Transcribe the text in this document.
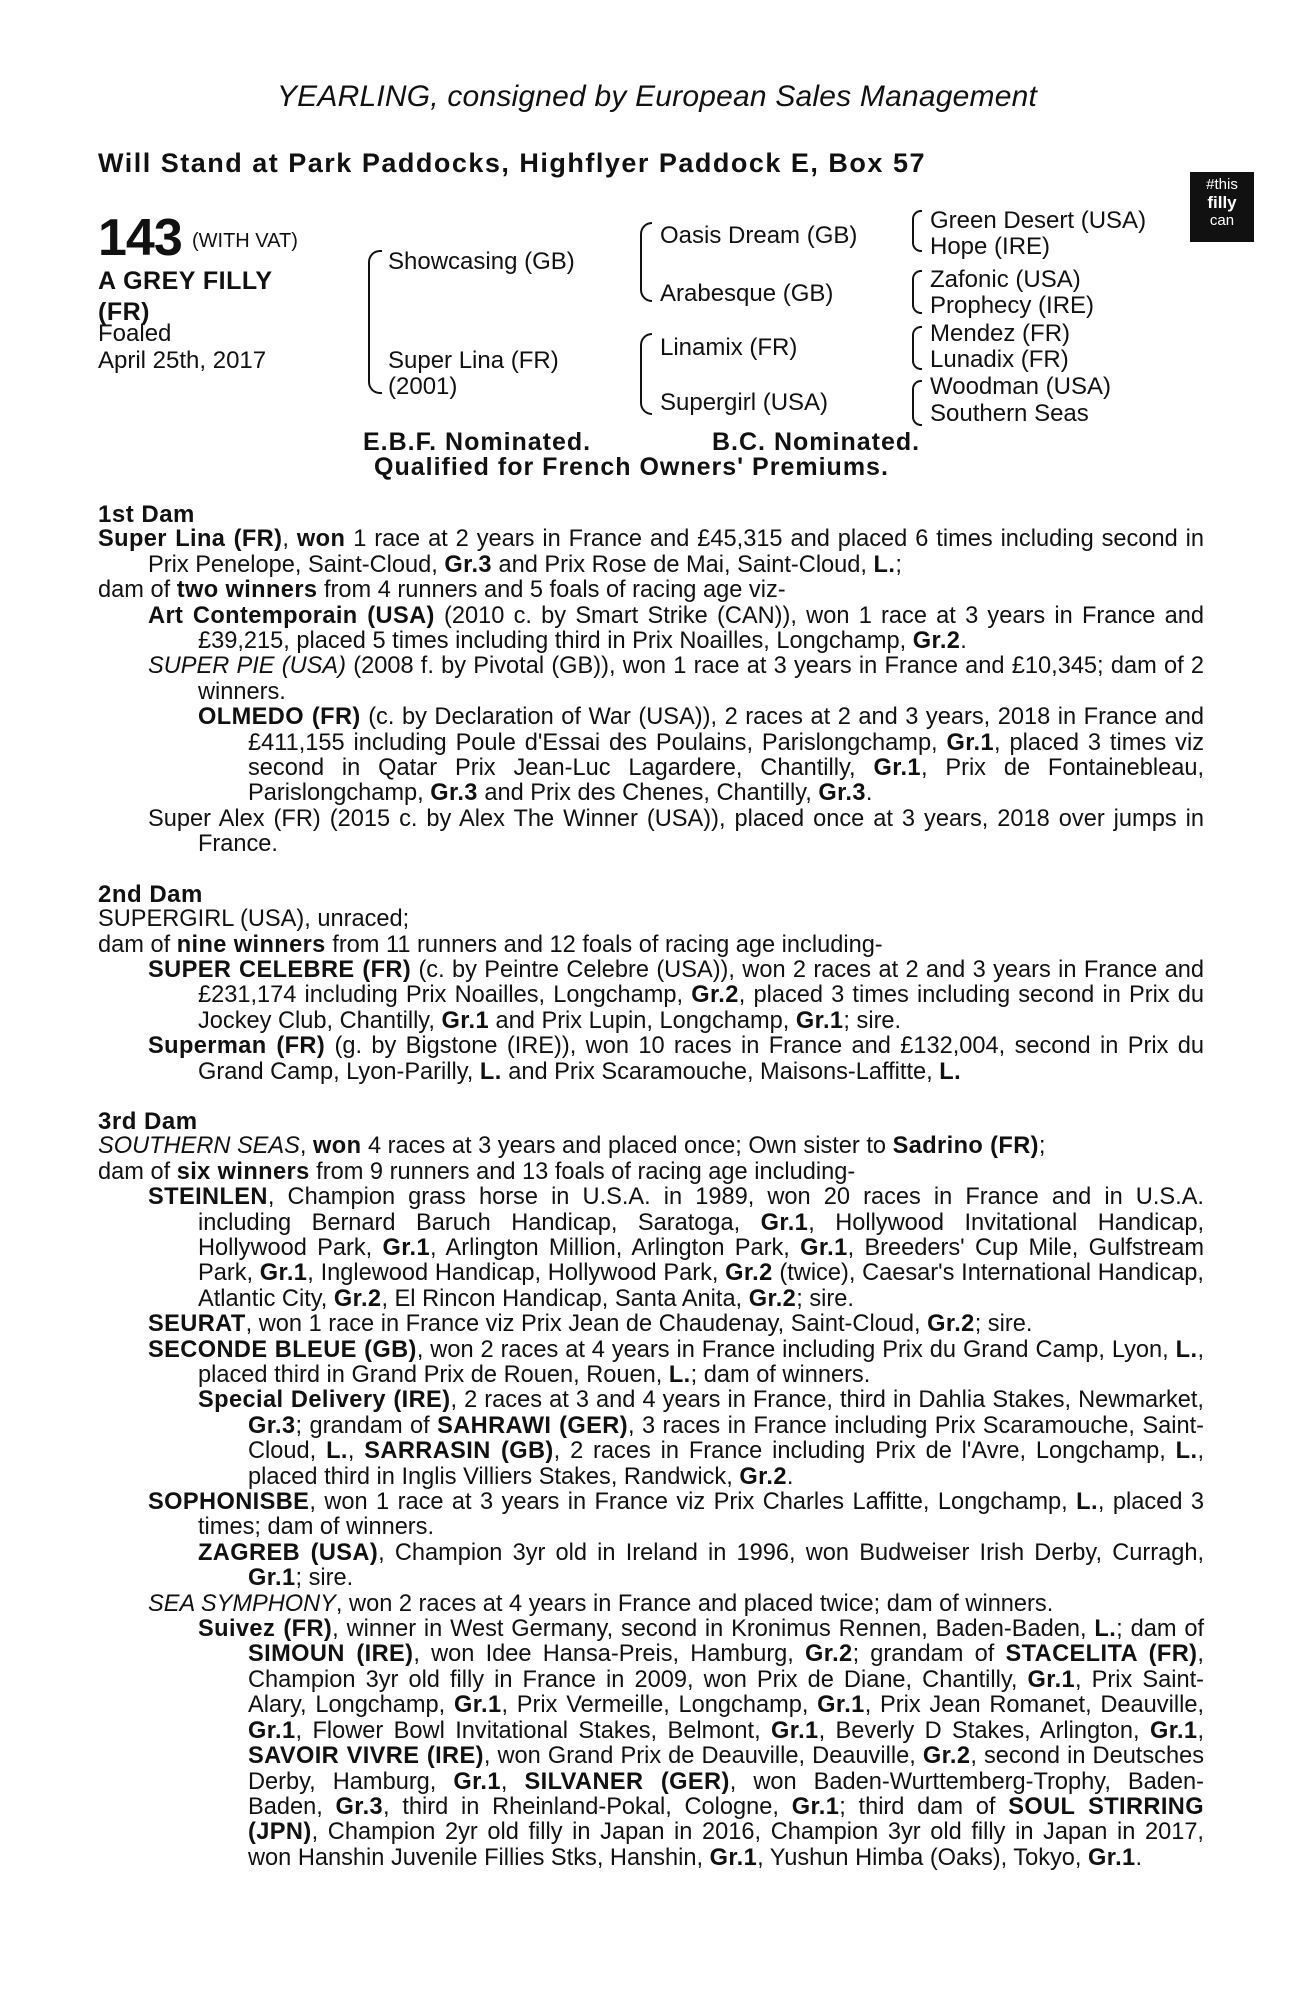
YEARLING, consigned by European Sales Management
Will Stand at Park Paddocks, Highflyer Paddock E, Box 57
#this
filly
can
143 (WITH VAT)
A GREY FILLY
(FR)
Foaled
April 25th, 2017
Showcasing (GB)
Super Lina (FR)
(2001)
Oasis Dream (GB)
Arabesque (GB)
Linamix (FR)
Supergirl (USA)
Green Desert (USA)
Hope (IRE)
Zafonic (USA)
Prophecy (IRE)
Mendez (FR)
Lunadix (FR)
Woodman (USA)
Southern Seas
E.B.F. Nominated.	B.C. Nominated.
Qualified for French Owners' Premiums.
1st Dam
Super Lina (FR), won 1 race at 2 years in France and £45,315 and placed 6 times including second in Prix Penelope, Saint-Cloud, Gr.3 and Prix Rose de Mai, Saint-Cloud, L.;
dam of two winners from 4 runners and 5 foals of racing age viz-
Art Contemporain (USA) (2010 c. by Smart Strike (CAN)), won 1 race at 3 years in France and £39,215, placed 5 times including third in Prix Noailles, Longchamp, Gr.2.
SUPER PIE (USA) (2008 f. by Pivotal (GB)), won 1 race at 3 years in France and £10,345; dam of 2 winners.
OLMEDO (FR) (c. by Declaration of War (USA)), 2 races at 2 and 3 years, 2018 in France and £411,155 including Poule d'Essai des Poulains, Parislongchamp, Gr.1, placed 3 times viz second in Qatar Prix Jean-Luc Lagardere, Chantilly, Gr.1, Prix de Fontainebleau, Parislongchamp, Gr.3 and Prix des Chenes, Chantilly, Gr.3.
Super Alex (FR) (2015 c. by Alex The Winner (USA)), placed once at 3 years, 2018 over jumps in France.
2nd Dam
SUPERGIRL (USA), unraced;
dam of nine winners from 11 runners and 12 foals of racing age including-
SUPER CELEBRE (FR) (c. by Peintre Celebre (USA)), won 2 races at 2 and 3 years in France and £231,174 including Prix Noailles, Longchamp, Gr.2, placed 3 times including second in Prix du Jockey Club, Chantilly, Gr.1 and Prix Lupin, Longchamp, Gr.1; sire.
Superman (FR) (g. by Bigstone (IRE)), won 10 races in France and £132,004, second in Prix du Grand Camp, Lyon-Parilly, L. and Prix Scaramouche, Maisons-Laffitte, L.
3rd Dam
SOUTHERN SEAS, won 4 races at 3 years and placed once; Own sister to Sadrino (FR);
dam of six winners from 9 runners and 13 foals of racing age including-
STEINLEN, Champion grass horse in U.S.A. in 1989, won 20 races in France and in U.S.A. including Bernard Baruch Handicap, Saratoga, Gr.1, Hollywood Invitational Handicap, Hollywood Park, Gr.1, Arlington Million, Arlington Park, Gr.1, Breeders' Cup Mile, Gulfstream Park, Gr.1, Inglewood Handicap, Hollywood Park, Gr.2 (twice), Caesar's International Handicap, Atlantic City, Gr.2, El Rincon Handicap, Santa Anita, Gr.2; sire.
SEURAT, won 1 race in France viz Prix Jean de Chaudenay, Saint-Cloud, Gr.2; sire.
SECONDE BLEUE (GB), won 2 races at 4 years in France including Prix du Grand Camp, Lyon, L., placed third in Grand Prix de Rouen, Rouen, L.; dam of winners.
Special Delivery (IRE), 2 races at 3 and 4 years in France, third in Dahlia Stakes, Newmarket, Gr.3; grandam of SAHRAWI (GER), 3 races in France including Prix Scaramouche, Saint-Cloud, L., SARRASIN (GB), 2 races in France including Prix de l'Avre, Longchamp, L., placed third in Inglis Villiers Stakes, Randwick, Gr.2.
SOPHONISBE, won 1 race at 3 years in France viz Prix Charles Laffitte, Longchamp, L., placed 3 times; dam of winners.
ZAGREB (USA), Champion 3yr old in Ireland in 1996, won Budweiser Irish Derby, Curragh, Gr.1; sire.
SEA SYMPHONY, won 2 races at 4 years in France and placed twice; dam of winners.
Suivez (FR), winner in West Germany, second in Kronimus Rennen, Baden-Baden, L.; dam of SIMOUN (IRE), won Idee Hansa-Preis, Hamburg, Gr.2; grandam of STACELITA (FR), Champion 3yr old filly in France in 2009, won Prix de Diane, Chantilly, Gr.1, Prix Saint-Alary, Longchamp, Gr.1, Prix Vermeille, Longchamp, Gr.1, Prix Jean Romanet, Deauville, Gr.1, Flower Bowl Invitational Stakes, Belmont, Gr.1, Beverly D Stakes, Arlington, Gr.1, SAVOIR VIVRE (IRE), won Grand Prix de Deauville, Deauville, Gr.2, second in Deutsches Derby, Hamburg, Gr.1, SILVANER (GER), won Baden-Wurttemberg-Trophy, Baden-Baden, Gr.3, third in Rheinland-Pokal, Cologne, Gr.1; third dam of SOUL STIRRING (JPN), Champion 2yr old filly in Japan in 2016, Champion 3yr old filly in Japan in 2017, won Hanshin Juvenile Fillies Stks, Hanshin, Gr.1, Yushun Himba (Oaks), Tokyo, Gr.1.
